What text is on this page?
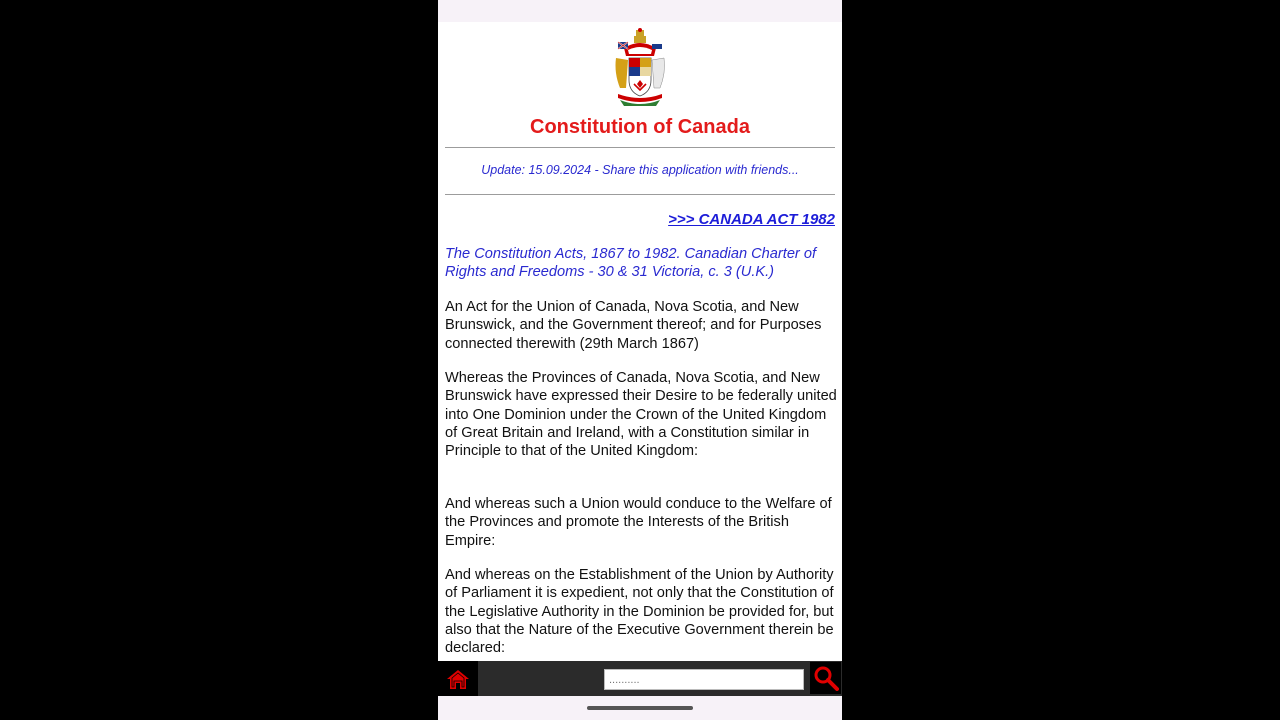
Constitution of Canada
Update: 15.09.2024 - Share this application with friends...
>>> CANADA ACT 1982

The Constitution Acts, 1867 to 1982. Canadian Charter of Rights and Freedoms - 30 & 31 Victoria, c. 3 (U.K.)

An Act for the Union of Canada, Nova Scotia, and New Brunswick, and the Government thereof; and for Purposes connected therewith (29th March 1867)

Whereas the Provinces of Canada, Nova Scotia, and New Brunswick have expressed their Desire to be federally united into One Dominion under the Crown of the United Kingdom of Great Britain and Ireland, with a Constitution similar in Principle to that of the United Kingdom:

And whereas such a Union would conduce to the Welfare of the Provinces and promote the Interests of the British Empire:

And whereas on the Establishment of the Union by Authority of Parliament it is expedient, not only that the Constitution of the Legislative Authority in the Dominion be provided for, but also that the Nature of the Executive Government therein be declared:

..........
